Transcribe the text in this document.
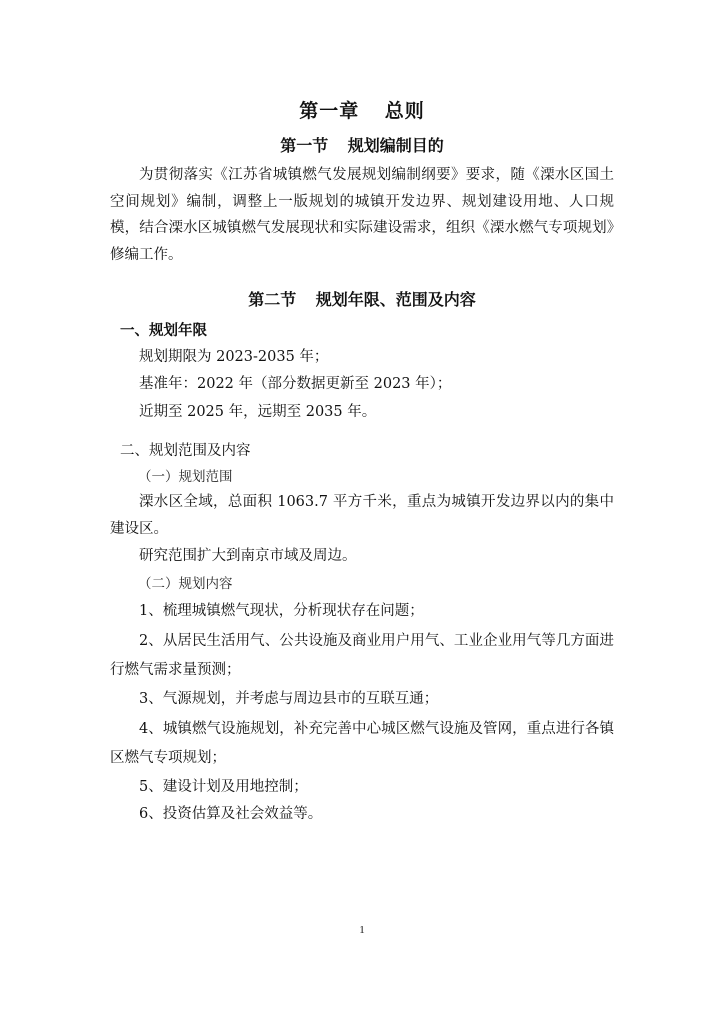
第一章 总则
第一节 规划编制目的
为贯彻落实《江苏省城镇燃气发展规划编制纲要》要求，随《溧水区国土空间规划》编制，调整上一版规划的城镇开发边界、规划建设用地、人口规模，结合溧水区城镇燃气发展现状和实际建设需求，组织《溧水燃气专项规划》修编工作。
第二节 规划年限、范围及内容
一、规划年限
规划期限为 2023-2035 年；
基准年：2022 年（部分数据更新至 2023 年）；
近期至 2025 年，远期至 2035 年。
二、规划范围及内容
（一）规划范围
溧水区全域，总面积 1063.7 平方千米，重点为城镇开发边界以内的集中建设区。
研究范围扩大到南京市域及周边。
（二）规划内容
1、梳理城镇燃气现状，分析现状存在问题；
2、从居民生活用气、公共设施及商业用户用气、工业企业用气等几方面进行燃气需求量预测；
3、气源规划，并考虑与周边县市的互联互通；
4、城镇燃气设施规划，补充完善中心城区燃气设施及管网，重点进行各镇区燃气专项规划；
5、建设计划及用地控制；
6、投资估算及社会效益等。
1
